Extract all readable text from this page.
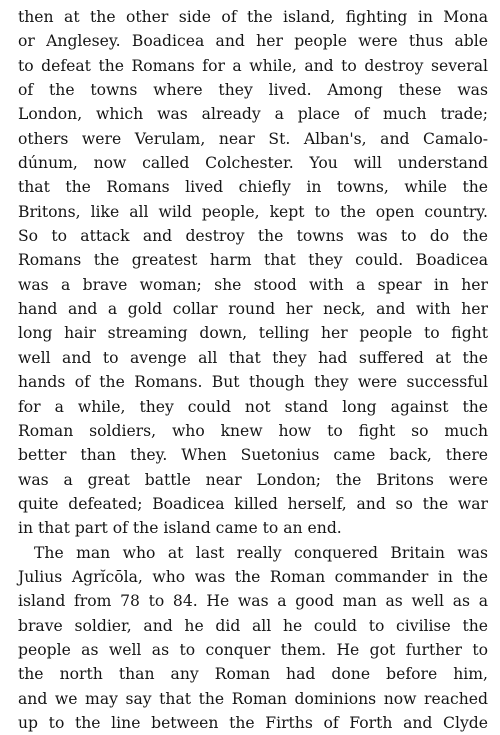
then at the other side of the island, fighting in Mona
or Anglesey. Boadicea and her people were thus able
to defeat the Romans for a while, and to destroy several
of the towns where they lived. Among these was
London, which was already a place of much trade;
others were Verulam, near St. Alban's, and Camalo-
dúnum, now called Colchester. You will understand
that the Romans lived chiefly in towns, while the
Britons, like all wild people, kept to the open country.
So to attack and destroy the towns was to do the
Romans the greatest harm that they could. Boadicea
was a brave woman; she stood with a spear in her
hand and a gold collar round her neck, and with her
long hair streaming down, telling her people to fight
well and to avenge all that they had suffered at the
hands of the Romans. But though they were successful
for a while, they could not stand long against the
Roman soldiers, who knew how to fight so much
better than they. When Suetonius came back, there
was a great battle near London; the Britons were
quite defeated; Boadicea killed herself, and so the war
in that part of the island came to an end.
The man who at last really conquered Britain was
Julius Agrĭcōla, who was the Roman commander in the
island from 78 to 84. He was a good man as well as a
brave soldier, and he did all he could to civilise the
people as well as to conquer them. He got further to
the north than any Roman had done before him,
and we may say that the Roman dominions now reached
up to the line between the Firths of Forth and Clyde
